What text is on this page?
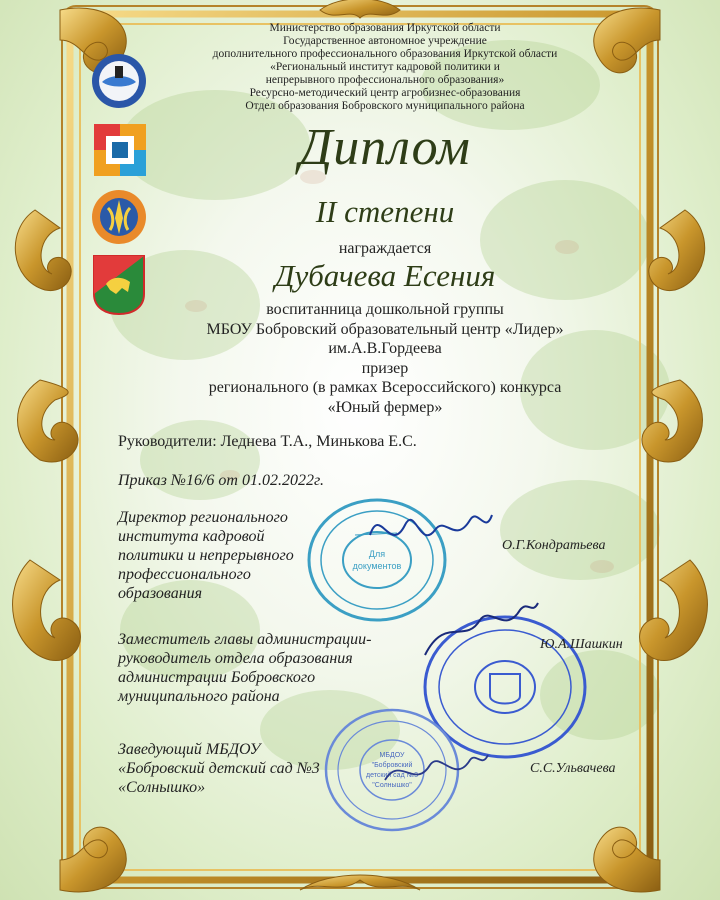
Министерство образования Иркутской области
Государственное автономное учреждение
дополнительного профессионального образования Иркутской области
«Региональный институт кадровой политики и
непрерывного профессионального образования»
Ресурсно-методический центр агробизнес-образования
Отдел образования Бобровского муниципального района
Диплом
II степени
награждается
Дубачева Есения
воспитанница дошкольной группы
МБОУ Бобровский образовательный центр «Лидер»
им.А.В.Гордеева
призер
регионального (в рамках Всероссийского) конкурса
«Юный фермер»
Руководители: Леднева Т.А., Минькова Е.С.
Приказ №16/6 от 01.02.2022г.
Для
документов
МБДОУ
"Бобровский
детский сад №3
"Солнышко"
Директор регионального
института кадровой
политики и непрерывного
профессионального
образования
О.Г.Кондратьева
Заместитель главы администрации-
руководитель отдела образования
администрации Бобровского
муниципального района
Ю.А.Шашкин
Заведующий МБДОУ
«Бобровский детский сад №3
«Солнышко»
С.С.Ульвачева
